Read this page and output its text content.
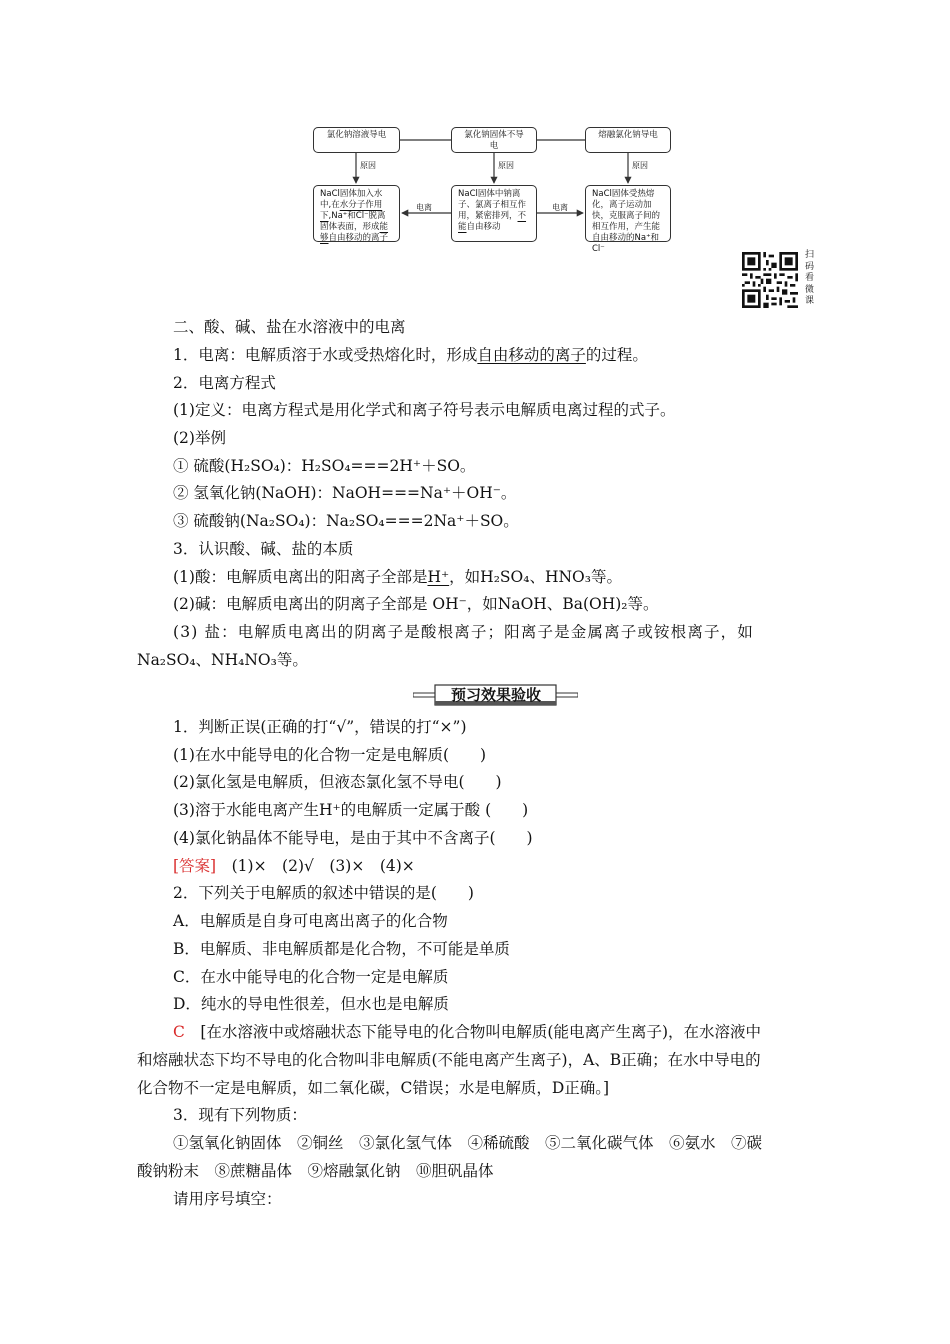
氯化钠溶液导电	氯化钠固体不导电
熔融氯化钠导电
原因	原因	原因
NaCl固体加入水中,在水分子作用下,Na⁺和Cl⁻脱离固体表面，形成能够自由移动的离子
NaCl固体中钠离子、氯离子相互作用，紧密排列，不能自由移动
NaCl固体受热熔化，离子运动加快，克服离子间的相互作用，产生能自由移动的Na⁺和Cl⁻
电离	电离
扫码看微课
二、酸、碱、盐在水溶液中的电离
1．电离：电解质溶于水或受热熔化时，形成自由移动的离子的过程。
2．电离方程式
(1)定义：电离方程式是用化学式和离子符号表示电解质电离过程的式子。
(2)举例
① 硫酸(H₂SO₄)：H₂SO₄===2H⁺＋SO。
② 氢氧化钠(NaOH)：NaOH===Na⁺＋OH⁻。
③ 硫酸钠(Na₂SO₄)：Na₂SO₄===2Na⁺＋SO。
3．认识酸、碱、盐的本质
(1)酸：电解质电离出的阳离子全部是H⁺，如H₂SO₄、HNO₃等。
(2)碱：电解质电离出的阴离子全部是 OH⁻，如NaOH、Ba(OH)₂等。
(3) 盐：电解质电离出的阴离子是酸根离子；阳离子是金属离子或铵根离子，如
Na₂SO₄、NH₄NO₃等。
预习效果验收
1．判断正误(正确的打“√”，错误的打“×”)
(1)在水中能导电的化合物一定是电解质(　　)
(2)氯化氢是电解质，但液态氯化氢不导电(　　)
(3)溶于水能电离产生H⁺的电解质一定属于酸 (　　)
(4)氯化钠晶体不能导电，是由于其中不含离子(　　)
[答案]　(1)×　(2)√　(3)×　(4)×
2．下列关于电解质的叙述中错误的是(　　)
A．电解质是自身可电离出离子的化合物
B．电解质、非电解质都是化合物，不可能是单质
C．在水中能导电的化合物一定是电解质
D．纯水的导电性很差，但水也是电解质
C　[在水溶液中或熔融状态下能导电的化合物叫电解质(能电离产生离子)，在水溶液中
和熔融状态下均不导电的化合物叫非电解质(不能电离产生离子)，A、B正确；在水中导电的
化合物不一定是电解质，如二氧化碳，C错误；水是电解质，D正确。]
3．现有下列物质：
①氢氧化钠固体　②铜丝　③氯化氢气体　④稀硫酸　⑤二氧化碳气体　⑥氨水　⑦碳
酸钠粉末　⑧蔗糖晶体　⑨熔融氯化钠　⑩胆矾晶体
请用序号填空：
